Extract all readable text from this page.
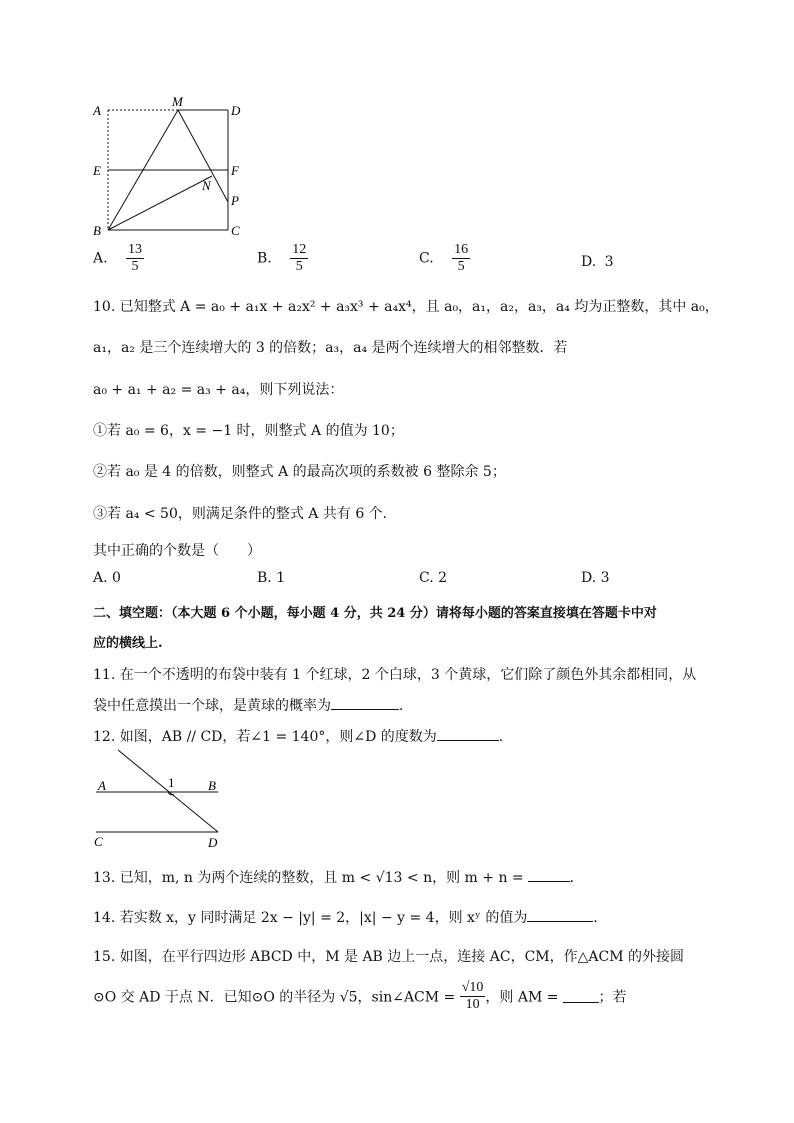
A
M
D
E	F
N
P
B	C
A. $\frac{13}{5}$	B. $\frac{12}{5}$	C. $\frac{16}{5}$	D. 3
10. 已知整式 A = a₀ + a₁x + a₂x² + a₃x³ + a₄x⁴，且 a₀，a₁，a₂，a₃，a₄ 均为正整数，其中 a₀，
a₁，a₂ 是三个连续增大的 3 的倍数；a₃，a₄ 是两个连续增大的相邻整数．若
a₀ + a₁ + a₂ = a₃ + a₄，则下列说法：
①若 a₀ = 6，x = −1 时，则整式 A 的值为 10；
②若 a₀ 是 4 的倍数，则整式 A 的最高次项的系数被 6 整除余 5；
③若 a₄ < 50，则满足条件的整式 A 共有 6 个．
其中正确的个数是（　　）
A. 0	B. 1	C. 2	D. 3
二、填空题：（本大题 6 个小题，每小题 4 分，共 24 分）请将每小题的答案直接填在答题卡中对
应的横线上.
11. 在一个不透明的布袋中装有 1 个红球，2 个白球，3 个黄球，它们除了颜色外其余都相同，从
袋中任意摸出一个球，是黄球的概率为	．
12. 如图，AB // CD，若∠1 = 140°，则∠D 的度数为	.
A	B
1
C	D
13. 已知，m, n 为两个连续的整数，且 m < √13 < n，则 m + n =	．
14. 若实数 x，y 同时满足 2x − |y| = 2，|x| − y = 4，则 xʸ 的值为	．
15. 如图，在平行四边形 ABCD 中，M 是 AB 边上一点，连接 AC，CM，作△ACM 的外接圆
⊙O 交 AD 于点 N．已知⊙O 的半径为 √5，sin∠ACM = $\frac{√10}{10}$ ，则 AM =	；若
